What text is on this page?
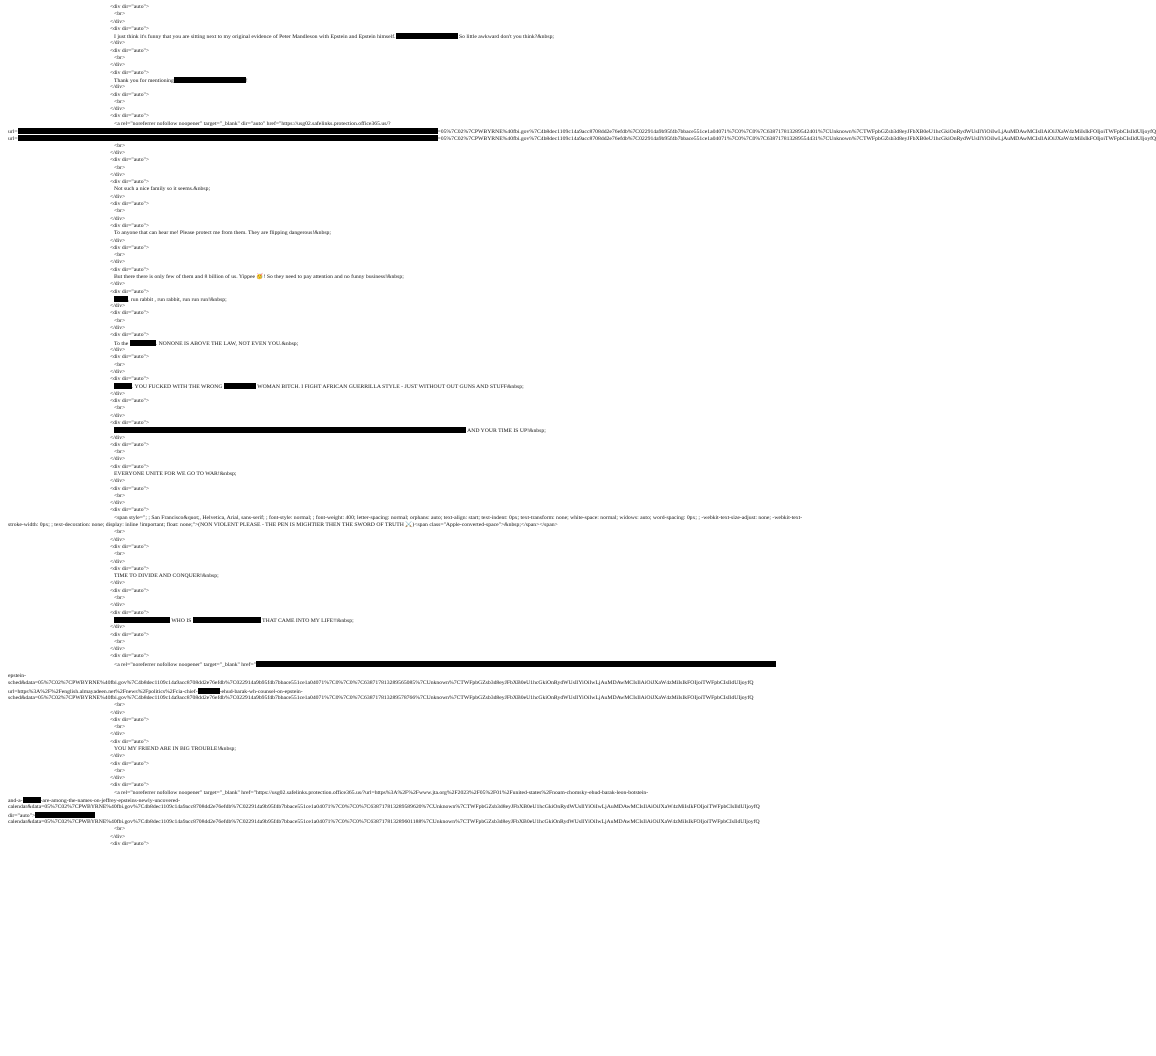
<div dir="auto">
<br>
</div>
<div dir="auto">
I just think it's funny that you are sitting next to my original evidence of Peter Mandleson with Epstein and Epstein himself.	So little awkward don't you think?&nbsp;
</div>
<div dir="auto">
<br>
</div>
<div dir="auto">
Thank you for mentioning	!
</div>
<div dir="auto">
<br>
</div>
<div dir="auto">
<a rel="noreferrer nofollow noopener" target="_blank" dir="auto" href="https://usg02.safelinks.protection.office365.us/?
url=	=05%7C02%7CPWBYRNE%40fbi.gov%7C4b8dec1109c14a9acc8708dd2e76efdb%7C022914a9b95f4b7bbace551ce1a04071%7C0%7C0%7C638717813289542401%7CUnknown%7CTWFpbGZsb3d8eyJFbXB0eU1hcGkiOnRydWUsIlYiOiIwLjAuMDAwMCIsIlAiOiJXaW4zMiIsIkFOIjoiTWFpbCIsIldUIjoyfQ
url=	=05%7C02%7CPWBYRNE%40fbi.gov%7C4b8dec1109c14a9acc8708dd2e76efdb%7C022914a9b95f4b7bbace551ce1a04071%7C0%7C0%7C638717813289554431%7CUnknown%7CTWFpbGZsb3d8eyJFbXB0eU1hcGkiOnRydWUsIlYiOiIwLjAuMDAwMCIsIlAiOiJXaW4zMiIsIkFOIjoiTWFpbCIsIldUIjoyfQ
<br>
</div>
<div dir="auto">
<br>
</div>
<div dir="auto">
Not such a nice family so it seems.&nbsp;
</div>
<div dir="auto">
<br>
</div>
<div dir="auto">
To anyone that can hear me! Please protect me from them. They are flipping dangerous!&nbsp;
</div>
<div dir="auto">
<br>
</div>
<div dir="auto">
But there there is only few of them and 8 billion of us. Yippee 🥳! So they need to pay attention and no funny business!&nbsp;
</div>
<div dir="auto">
, run rabbit , run rabbit, run run run!&nbsp;
</div>
<div dir="auto">
<br>
</div>
<div dir="auto">
To the	. NONONE IS ABOVE THE LAW, NOT EVEN YOU.&nbsp;
</div>
<div dir="auto">
<br>
</div>
<div dir="auto">
. YOU FUCKED WITH THE WRONG	WOMAN BITCH. I FIGHT AFRICAN GUERRILLA STYLE - JUST WITHOUT OUT GUNS AND STUFF&nbsp;
</div>
<div dir="auto">
<br>
</div>
<div dir="auto">
AND YOUR TIME IS UP!&nbsp;
</div>
<div dir="auto">
<br>
</div>
<div dir="auto">
EVERYONE UNITE FOR WE GO TO WAR!&nbsp;
</div>
<div dir="auto">
<br>
</div>
<div dir="auto">
<span style="; ; San Francisco&quot;, Helvetica, Arial, sans-serif; ; font-style: normal; ; font-weight: 400; letter-spacing: normal; orphans: auto; text-align: start; text-indent: 0px; text-transform: none; white-space: normal; widows: auto; word-spacing: 0px; ; -webkit-text-size-adjust: none; -webkit-text-stroke-width: 0px; ; text-decoration: none; display: inline !important; float: none;">(NON VIOLENT PLEASE - THE PEN IS MIGHTIER THEN THE SWORD OF TRUTH ⚔️)<span class="Apple-converted-space">&nbsp;</span></span>
<br>
</div>
<div dir="auto">
<br>
</div>
<div dir="auto">
TIME TO DIVIDE AND CONQUER!&nbsp;
</div>
<div dir="auto">
<br>
</div>
<div dir="auto">
WHO IS	THAT CAME INTO MY LIFE!!&nbsp;
</div>
<div dir="auto">
<br>
</div>
<div dir="auto">
<a rel="noreferrer nofollow noopener" target="_blank" href="
epstein-
sched&data=05%7C02%7CPWBYRNE%40fbi.gov%7C4b8dec1109c14a9acc8708dd2e76efdb%7C022914a9b95f4b7bbace551ce1a04071%7C0%7C0%7C638717813289565085%7CUnknown%7CTWFpbGZsb3d8eyJFbXB0eU1hcGkiOnRydWUsIlYiOiIwLjAuMDAwMCIsIlAiOiJXaW4zMiIsIkFOIjoiTWFpbCIsIldUIjoyfQ
url=https%3A%2F%2Fenglish.almayadeen.net%2Fnews%2Fpolitics%2Fcia-chief-	-ehud-barak-wh-counsel-on-epstein-
sched&data=05%7C02%7CPWBYRNE%40fbi.gov%7C4b8dec1109c14a9acc8708dd2e76efdb%7C022914a9b95f4b7bbace551ce1a04071%7C0%7C0%7C638717813289578766%7CUnknown%7CTWFpbGZsb3d8eyJFbXB0eU1hcGkiOnRydWUsIlYiOiIwLjAuMDAwMCIsIlAiOiJXaW4zMiIsIkFOIjoiTWFpbCIsIldUIjoyfQ
<br>
</div>
<div dir="auto">
<br>
</div>
<div dir="auto">
YOU MY FRIEND ARE IN BIG TROUBLE!&nbsp;
</div>
<div dir="auto">
<br>
</div>
<div dir="auto">
<a rel="noreferrer nofollow noopener" target="_blank" href="https://usg02.safelinks.protection.office365.us/?url=https%3A%2F%2Fwww.jta.org%2F2023%2F05%2F01%2Funited-states%2Fnoam-chomsky-ehud-barak-leon-botstein-
and-a-	-are-among-the-names-on-jeffrey-epsteins-newly-uncovered-
calendar&data=05%7C02%7CPWBYRNE%40fbi.gov%7C4b8dec1109c14a9acc8708dd2e76efdb%7C022914a9b95f4b7bbace551ce1a04071%7C0%7C0%7C638717813289589620%7CUnknown%7CTWFpbGZsb3d8eyJFbXB0eU1hcGkiOnRydWUsIlYiOiIwLjAuMDAwMCIsIlAiOiJXaW4zMiIsIkFOIjoiTWFpbCIsIldUIjoyfQ
dir="auto">
calendar&data=05%7C02%7CPWBYRNE%40fbi.gov%7C4b8dec1109c14a9acc8708dd2e76efdb%7C022914a9b95f4b7bbace551ce1a04071%7C0%7C0%7C638717813289601188%7CUnknown%7CTWFpbGZsb3d8eyJFbXB0eU1hcGkiOnRydWUsIlYiOiIwLjAuMDAwMCIsIlAiOiJXaW4zMiIsIkFOIjoiTWFpbCIsIldUIjoyfQ
<br>
</div>
<div dir="auto">
